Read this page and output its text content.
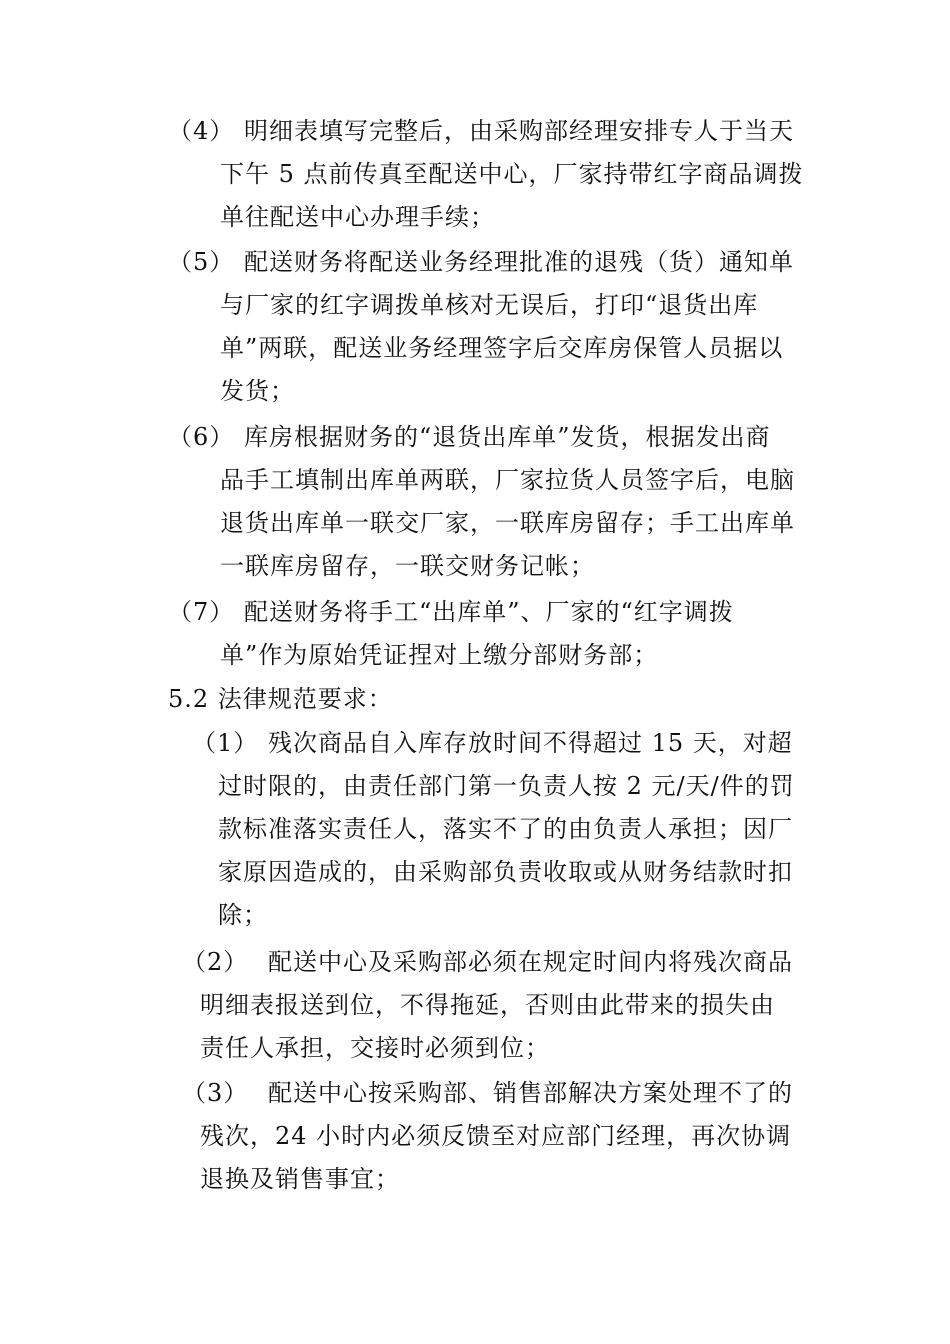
（4） 明细表填写完整后，由采购部经理安排专人于当天
下午 5 点前传真至配送中心，厂家持带红字商品调拨
单往配送中心办理手续；
（5） 配送财务将配送业务经理批准的退残（货）通知单
与厂家的红字调拨单核对无误后，打印“退货出库
单”两联，配送业务经理签字后交库房保管人员据以
发货；
（6） 库房根据财务的“退货出库单”发货，根据发出商
品手工填制出库单两联，厂家拉货人员签字后，电脑
退货出库单一联交厂家，一联库房留存；手工出库单
一联库房留存，一联交财务记帐；
（7） 配送财务将手工“出库单”、厂家的“红字调拨
单”作为原始凭证捏对上缴分部财务部；
5.2 法律规范要求：
（1） 残次商品自入库存放时间不得超过 15 天，对超
过时限的，由责任部门第一负责人按 2 元/天/件的罚
款标准落实责任人，落实不了的由负责人承担；因厂
家原因造成的，由采购部负责收取或从财务结款时扣
除；
（2） 配送中心及采购部必须在规定时间内将残次商品
明细表报送到位，不得拖延，否则由此带来的损失由
责任人承担，交接时必须到位；
（3） 配送中心按采购部、销售部解决方案处理不了的
残次，24 小时内必须反馈至对应部门经理，再次协调
退换及销售事宜；
